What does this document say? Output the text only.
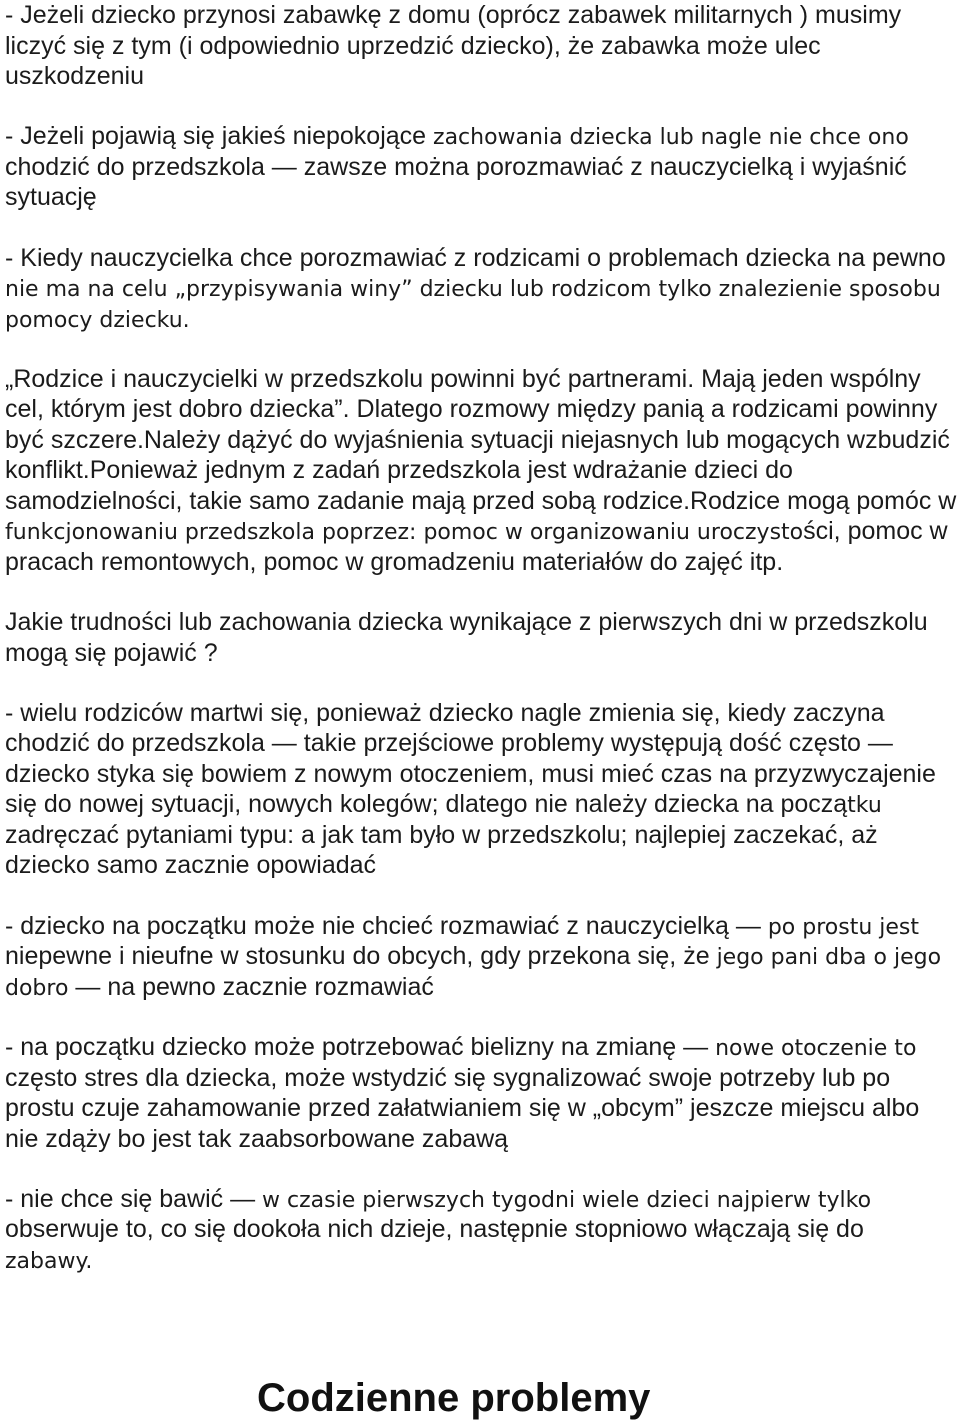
- Jeżeli dziecko przynosi zabawkę z domu (oprócz zabawek militarnych ) musimy
liczyć się z tym (i odpowiednio uprzedzić dziecko), że zabawka może ulec
uszkodzeniu
- Jeżeli pojawią się jakieś niepokojące zachowania dziecka lub nagle nie chce ono
chodzić do przedszkola — zawsze można porozmawiać z nauczycielką i wyjaśnić
sytuację
- Kiedy nauczycielka chce porozmawiać z rodzicami o problemach dziecka na pewno
nie ma na celu „przypisywania winy” dziecku lub rodzicom tylko znalezienie sposobu
pomocy dziecku.
„Rodzice i nauczycielki w przedszkolu powinni być partnerami. Mają jeden wspólny
cel, którym jest dobro dziecka”. Dlatego rozmowy między panią a rodzicami powinny
być szczere.Należy dążyć do wyjaśnienia sytuacji niejasnych lub mogących wzbudzić
konflikt.Ponieważ jednym z zadań przedszkola jest wdrażanie dzieci do
samodzielności, takie samo zadanie mają przed sobą rodzice.Rodzice mogą pomóc w
funkcjonowaniu przedszkola poprzez: pomoc w organizowaniu uroczystości, pomoc w
pracach remontowych, pomoc w gromadzeniu materiałów do zajęć itp.
Jakie trudności lub zachowania dziecka wynikające z pierwszych dni w przedszkolu
mogą się pojawić ?
- wielu rodziców martwi się, ponieważ dziecko nagle zmienia się, kiedy zaczyna
chodzić do przedszkola — takie przejściowe problemy występują dość często —
dziecko styka się bowiem z nowym otoczeniem, musi mieć czas na przyzwyczajenie
się do nowej sytuacji, nowych kolegów; dlatego nie należy dziecka na początku
zadręczać pytaniami typu: a jak tam było w przedszkolu; najlepiej zaczekać, aż
dziecko samo zacznie opowiadać
- dziecko na początku może nie chcieć rozmawiać z nauczycielką — po prostu jest
niepewne i nieufne w stosunku do obcych, gdy przekona się, że jego pani dba o jego
dobro — na pewno zacznie rozmawiać
- na początku dziecko może potrzebować bielizny na zmianę — nowe otoczenie to
często stres dla dziecka, może wstydzić się sygnalizować swoje potrzeby lub po
prostu czuje zahamowanie przed załatwianiem się w „obcym” jeszcze miejscu albo
nie zdąży bo jest tak zaabsorbowane zabawą
- nie chce się bawić — w czasie pierwszych tygodni wiele dzieci najpierw tylko
obserwuje to, co się dookoła nich dzieje, następnie stopniowo włączają się do
zabawy.
Codzienne problemy
